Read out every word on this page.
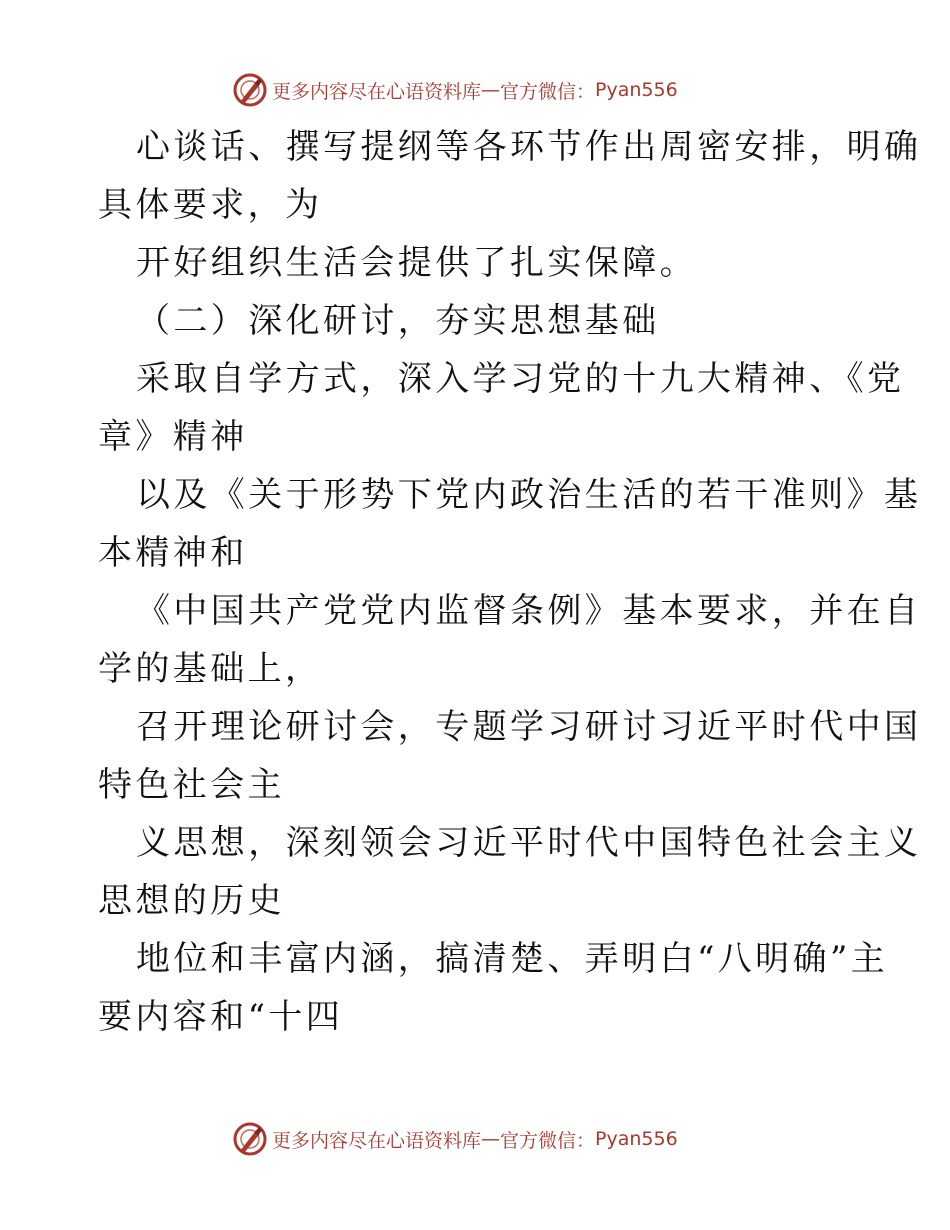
更多内容尽在心语资料库 — 官方微信： Pyan556
心谈话、撰写提纲等各环节作出周密安排，明确
具体要求，为
开好组织生活会提供了扎实保障。
（二）深化研讨，夯实思想基础
采取自学方式，深入学习党的十九大精神、《党
章》精神
以及《关于形势下党内政治生活的若干准则》基
本精神和
《中国共产党党内监督条例》基本要求，并在自
学的基础上，
召开理论研讨会，专题学习研讨习近平时代中国
特色社会主
义思想，深刻领会习近平时代中国特色社会主义
思想的历史
地位和丰富内涵，搞清楚、弄明白“八明确”主
要内容和“十四
更多内容尽在心语资料库 — 官方微信： Pyan556
